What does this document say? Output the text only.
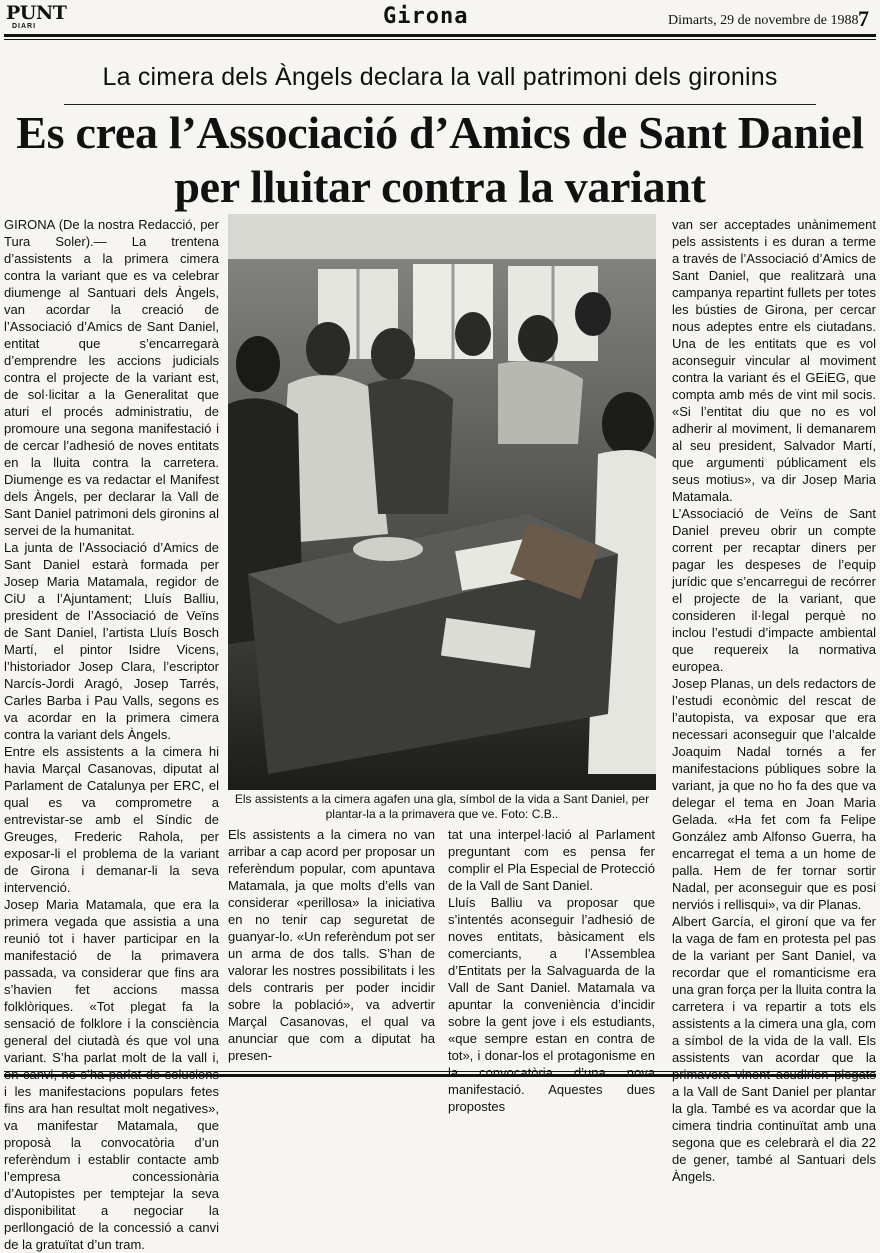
PUNT
DIARI	Girona	Dimarts, 29 de novembre de 1988 7
La cimera dels Àngels declara la vall patrimoni dels gironins
Es crea l’Associació d’Amics de Sant Daniel per lluitar contra la variant

GIRONA (De la nostra Redacció, per Tura Soler).— La trentena d’assistents a la primera cimera contra la variant que es va celebrar diumenge al Santuari dels Àngels, van acordar la creació de l’Associació d’Amics de Sant Daniel, entitat que s’encarregarà d’emprendre les accions judicials contra el projecte de la variant est, de sol·licitar a la Generalitat que aturi el procés administratiu, de promoure una segona manifestació i de cercar l’adhesió de noves entitats en la lluita contra la carretera. Diumenge es va redactar el Manifest dels Àngels, per declarar la Vall de Sant Daniel patrimoni dels gironins al servei de la humanitat.

La junta de l’Associació d’Amics de Sant Daniel estarà formada per Josep Maria Matamala, regidor de CiU a l’Ajuntament; Lluís Balliu, president de l’Associació de Veïns de Sant Daniel, l’artista Lluís Bosch Martí, el pintor Isidre Vicens, l’historiador Josep Clara, l’escriptor Narcís-Jordi Aragó, Josep Tarrés, Carles Barba i Pau Valls, segons es va acordar en la primera cimera contra la variant dels Àngels.

Entre els assistents a la cimera hi havia Marçal Casanovas, diputat al Parlament de Catalunya per ERC, el qual es va comprometre a entrevistar-se amb el Síndic de Greuges, Frederic Rahola, per exposar-li el problema de la variant de Girona i demanar-li la seva intervenció.

Josep Maria Matamala, que era la primera vegada que assistia a una reunió tot i haver participar en la manifestació de la primavera passada, va considerar que fins ara s’havien fet accions massa folklòriques. «Tot plegat fa la sensació de folklore i la consciència general del ciutadà és que vol una variant. S’ha parlat molt de la vall i, en canvi, no s’ha parlat de solucions i les manifestacions populars fetes fins ara han resultat molt negatives», va manifestar Matamala, que proposà la convocatòria d’un referèndum i establir contacte amb l’empresa concessionària d’Autopistes per temptejar la seva disponibilitat a negociar la perllongació de la concessió a canvi de la gratuïtat d’un tram.

Els assistents a la cimera agafen una gla, símbol de la vida a Sant Daniel, per plantar-la a la primavera que ve. Foto: C.B..

Els assistents a la cimera no van arribar a cap acord per proposar un referèndum popular, com apuntava Matamala, ja que molts d’ells van considerar «perillosa» la iniciativa en no tenir cap seguretat de guanyar-lo. «Un referèndum pot ser un arma de dos talls. S’han de valorar les nostres possibilitats i les dels contraris per poder incidir sobre la població», va advertir Marçal Casanovas, el qual va anunciar que com a diputat ha presen-

tat una interpel·lació al Parlament preguntant com es pensa fer complir el Pla Especial de Protecció de la Vall de Sant Daniel.

Lluís Balliu va proposar que s’intentés aconseguir l’adhesió de noves entitats, bàsicament els comerciants, a l’Assemblea d’Entitats per la Salvaguarda de la Vall de Sant Daniel. Matamala va apuntar la conveniència d’incidir sobre la gent jove i els estudiants, «que sempre estan en contra de tot», i donar-los el protagonisme en la convocatòria d’una nova manifestació. Aquestes dues propostes

van ser acceptades unànimement pels assistents i es duran a terme a través de l’Associació d’Amics de Sant Daniel, que realitzarà una campanya repartint fullets per totes les bústies de Girona, per cercar nous adeptes entre els ciutadans. Una de les entitats que es vol aconseguir vincular al moviment contra la variant és el GEiEG, que compta amb més de vint mil socis. «Si l’entitat diu que no es vol adherir al moviment, li demanarem al seu president, Salvador Martí, que argumenti públicament els seus motius», va dir Josep Maria Matamala.

L’Associació de Veïns de Sant Daniel preveu obrir un compte corrent per recaptar diners per pagar les despeses de l’equip jurídic que s’encarregui de recórrer el projecte de la variant, que consideren il·legal perquè no inclou l’estudi d’impacte ambiental que requereix la normativa europea.

Josep Planas, un dels redactors de l’estudi econòmic del rescat de l’autopista, va exposar que era necessari aconseguir que l’alcalde Joaquim Nadal tornés a fer manifestacions públiques sobre la variant, ja que no ho fa des que va delegar el tema en Joan Maria Gelada. «Ha fet com fa Felipe González amb Alfonso Guerra, ha encarregat el tema a un home de palla. Hem de fer tornar sortir Nadal, per aconseguir que es posi nerviós i rellisqui», va dir Planas.

Albert García, el gironí que va fer la vaga de fam en protesta pel pas de la variant per Sant Daniel, va recordar que el romanticisme era una gran força per la lluita contra la carretera i va repartir a tots els assistents a la cimera una gla, com a símbol de la vida de la vall. Els assistents van acordar que la primavera vinent acudirien plegats a la Vall de Sant Daniel per plantar la gla. També es va acordar que la cimera tindria continuïtat amb una segona que es celebrarà el dia 22 de gener, també al Santuari dels Àngels.
